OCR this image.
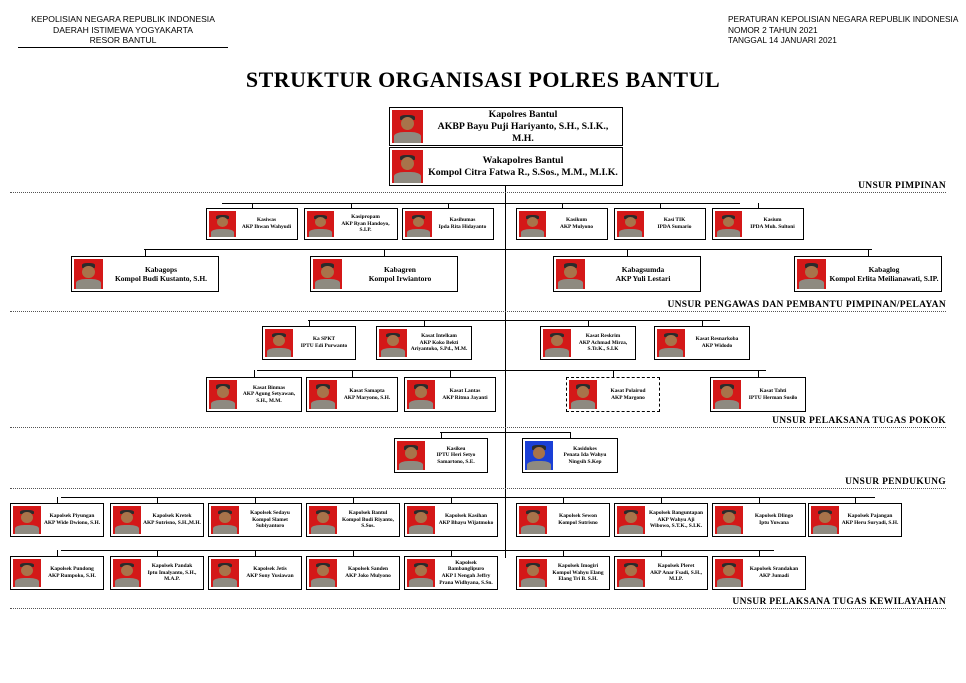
KEPOLISIAN NEGARA REPUBLIK INDONESIA
DAERAH ISTIMEWA YOGYAKARTA
RESOR BANTUL
PERATURAN KEPOLISIAN NEGARA REPUBLIK INDONESIA
NOMOR 2 TAHUN 2021
TANGGAL 14 JANUARI 2021
STRUKTUR ORGANISASI POLRES BANTUL
UNSUR PIMPINAN
UNSUR PENGAWAS DAN PEMBANTU PIMPINAN/PELAYAN
UNSUR PELAKSANA TUGAS POKOK
UNSUR PENDUKUNG
UNSUR PELAKSANA TUGAS KEWILAYAHAN
Kapolres Bantul
AKBP Bayu Puji Hariyanto, S.H., S.I.K., M.H.
Wakapolres Bantul
Kompol Citra Fatwa R., S.Sos., M.M., M.I.K.
Kasiwas
AKP Ihwan Wahyudi
Kasipropam
AKP Ryan Handoyo, S.I.P.
Kasihumas
Ipda Rita Hidayanto
Kasikum
AKP Mulyono
Kasi TIK
IPDA Sumario
Kasium
IPDA Muh. Sultoni
Kabagops
Kompol Budi Kustanto, S.H.
Kabagren
Kompol Irwiantoro
Kabagsumda
AKP Yuli Lestari
Kabaglog
Kompol Erlita Meilianawati, S.IP.
Ka SPKT
IPTU Edi Purwanto
Kasat Intelkam
AKP Koko Bekti Ariyantoko, S.Pd., M.M.
Kasat Reskrim
AKP Achmad Mirza, S.Tr.K., S.I.K
Kasat Resnarkoba
AKP Widodo
Kasat Binmas
AKP Agung Setyawan, S.H., M.M.
Kasat Samapta
AKP Maryono, S.H.
Kasat Lantas
AKP Ritma Jayanti
Kasat Polairud
AKP Margono
Kasat Tahti
IPTU Herman Susilo
Kasikeu
IPTU Heri Setyo Samartono, S.E.
Kasidokes
Penata Ida Wahyu Ningsih S.Kep
Kapolsek Piyungan
AKP Wide Dwiono, S.H.
Kapolsek Kretek
AKP Sutrisno, S.H.,M.H.
Kapolsek Sedayu
Kompol Slamet Subiyantoro
Kapolsek Bantul
Kompol Budi Riyanto, S.Sos.
Kapolsek Kasihan
AKP Bhayu Wijatmoko
Kapolsek Sewon
Kompol Sutrisno
Kapolsek Banguntapan
AKP Wahyu Aji Wibowo, S.T.K., S.I.K.
Kapolsek Dlingo
Iptu Yuwana
Kapolsek Pajangan
AKP Heru Suryadi, S.H.
Kapolsek Pundong
AKP Rumpoko, S.H.
Kapolsek Pandak
Iptu Imalyanto, S.H., M.A.P.
Kapolsek Jetis
AKP Sony Yusiawan
Kapolsek Sanden
AKP Joko Mulyono
Kapolsek Bambanglipuro
AKP I Nengah Jeffry Prana Widhyana, S.Sn.
Kapolsek Imogiri
Kompol Wahyu Elang Elang Tri B. S.H.
Kapolsek Pleret
AKP Anar Fsadi, S.H., M.I.P.
Kapolsek Srandakan
AKP Jumadi
